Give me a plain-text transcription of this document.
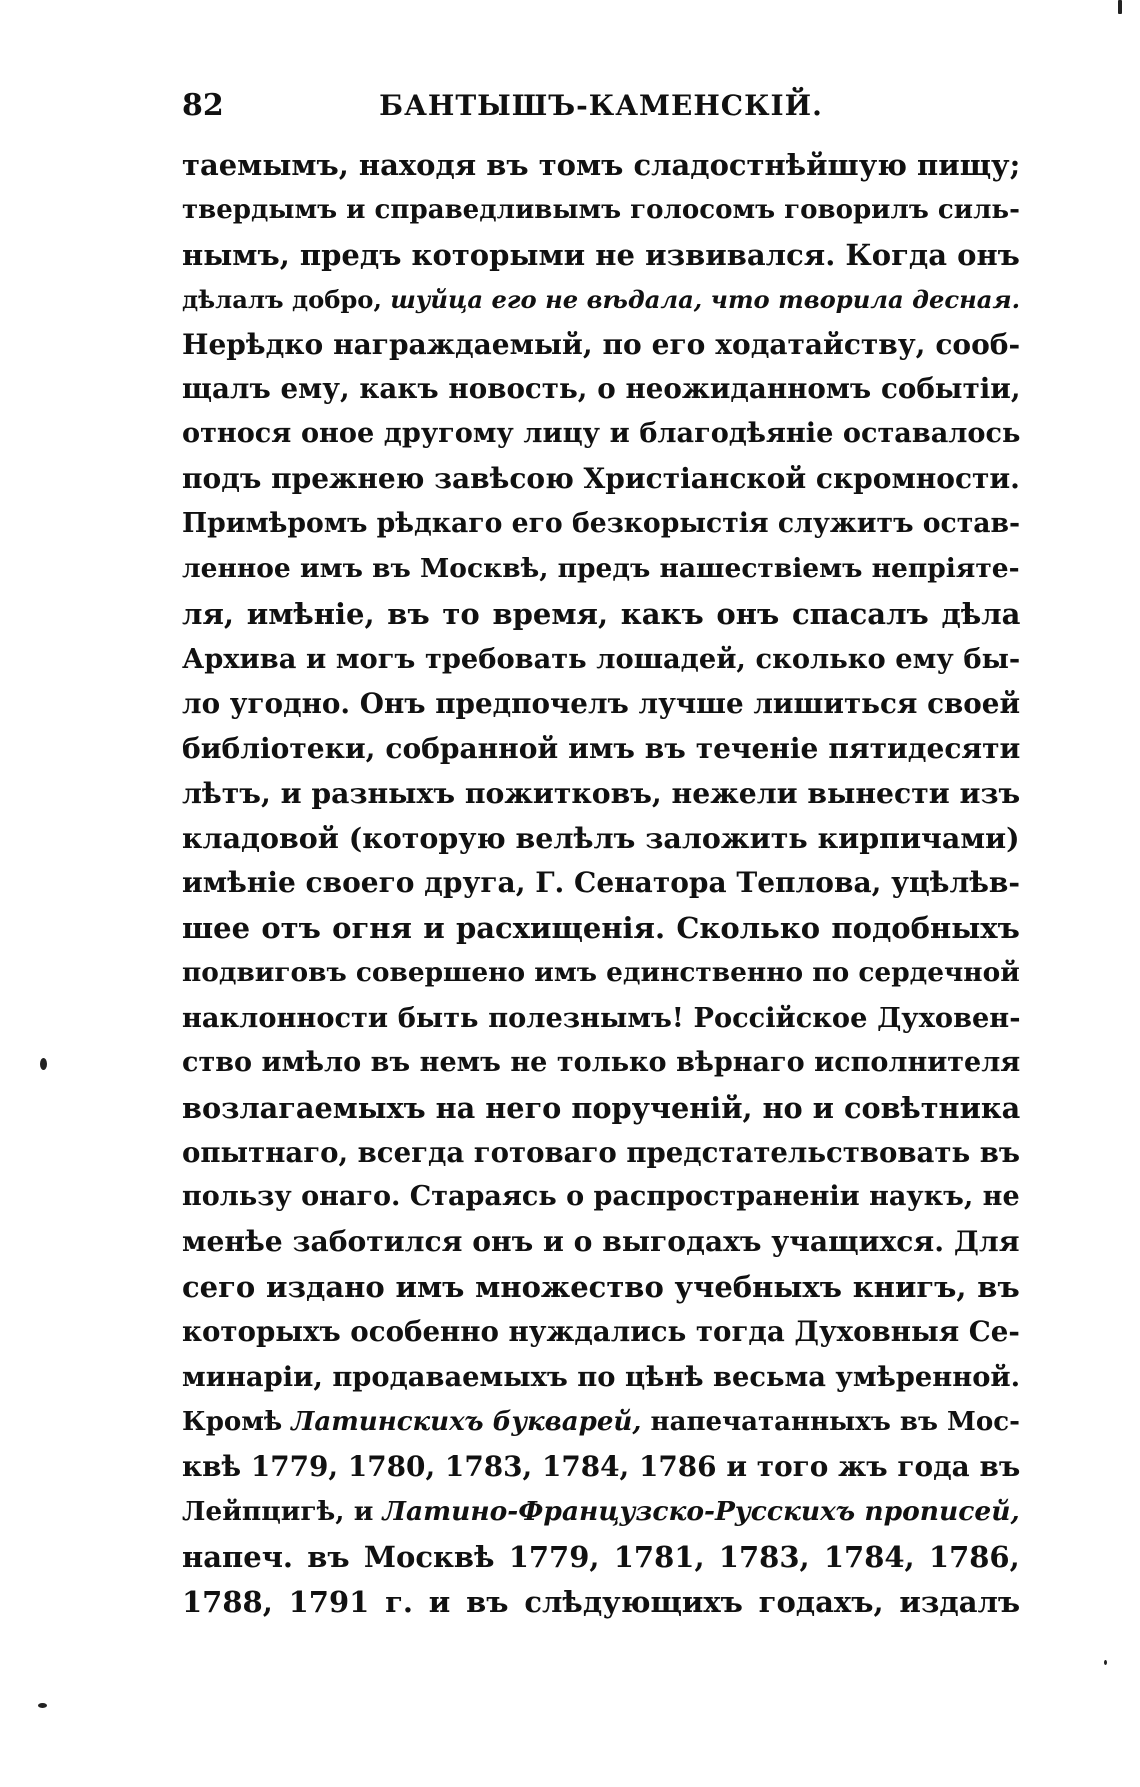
82	БАНТЫШЪ-КАМЕНСКІЙ.
таемымъ, находя въ томъ сладостнѣйшую пищу;
твердымъ и справедливымъ голосомъ говорилъ силь-
нымъ, предъ которыми не извивался. Когда онъ
дѣлалъ добро, шуйца его не вѣдала, что творила десная.
Нерѣдко награждаемый, по его ходатайству, сооб-
щалъ ему, какъ новость, о неожиданномъ событіи,
относя оное другому лицу и благодѣяніе оставалось
подъ прежнею завѣсою Христіанской скромности.
Примѣромъ рѣдкаго его безкорыстія служитъ остав-
ленное имъ въ Москвѣ, предъ нашествіемъ непріяте-
ля, имѣніе, въ то время, какъ онъ спасалъ дѣла
Архива и могъ требовать лошадей, сколько ему бы-
ло угодно. Онъ предпочелъ лучше лишиться своей
библіотеки, собранной имъ въ теченіе пятидесяти
лѣтъ, и разныхъ пожитковъ, нежели вынести изъ
кладовой (которую велѣлъ заложить кирпичами)
имѣніе своего друга, Г. Сенатора Теплова, уцѣлѣв-
шее отъ огня и расхищенія. Сколько подобныхъ
подвиговъ совершено имъ единственно по сердечной
наклонности быть полезнымъ! Россійское Духовен-
ство имѣло въ немъ не только вѣрнаго исполнителя
возлагаемыхъ на него порученій, но и совѣтника
опытнаго, всегда готоваго предстательствовать въ
пользу онаго. Стараясь о распространеніи наукъ, не
менѣе заботился онъ и о выгодахъ учащихся. Для
сего издано имъ множество учебныхъ книгъ, въ
которыхъ особенно нуждались тогда Духовныя Се-
минаріи, продаваемыхъ по цѣнѣ весьма умѣренной.
Кромѣ Латинскихъ букварей, напечатанныхъ въ Мос-
квѣ 1779, 1780, 1783, 1784, 1786 и того жъ года въ
Лейпцигѣ, и Латино-Французско-Русскихъ прописей,
напеч. въ Москвѣ 1779, 1781, 1783, 1784, 1786,
1788, 1791 г. и въ слѣдующихъ годахъ, издалъ
